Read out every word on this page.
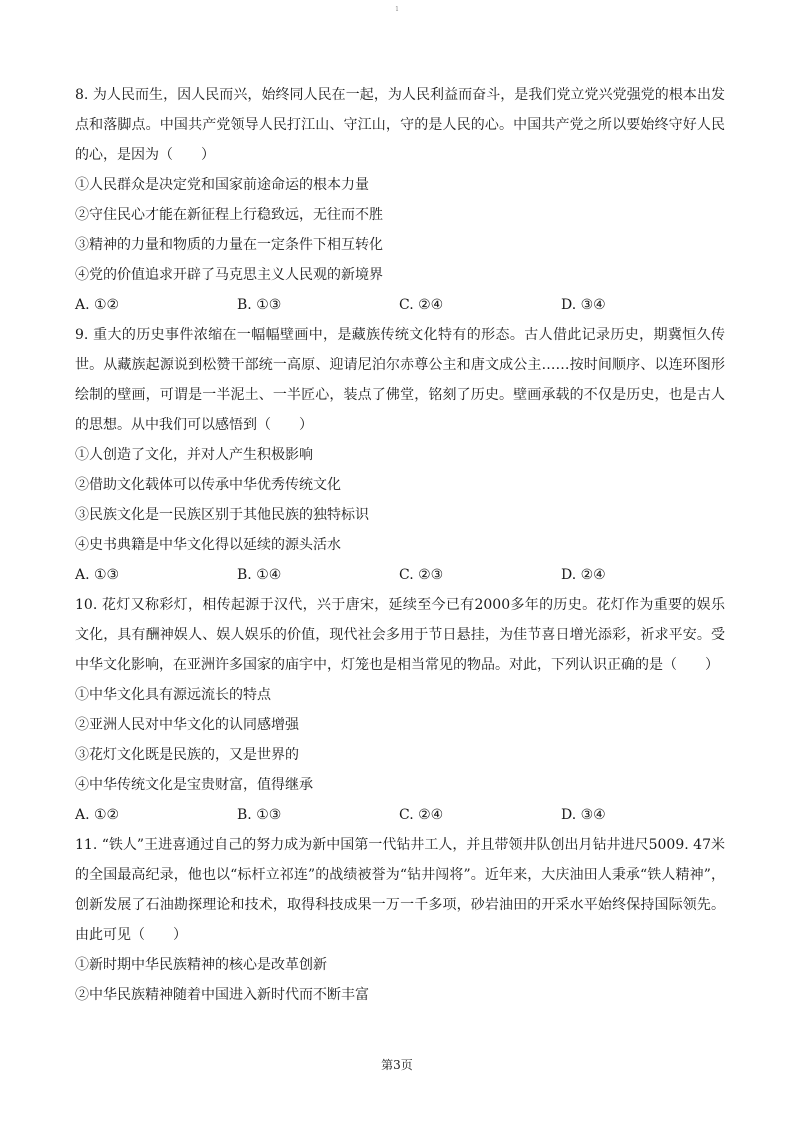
1

8. 为人民而生，因人民而兴，始终同人民在一起，为人民利益而奋斗，是我们党立党兴党强党的根本出发点和落脚点。中国共产党领导人民打江山、守江山，守的是人民的心。中国共产党之所以要始终守好人民的心，是因为（　　）

①人民群众是决定党和国家前途命运的根本力量

②守住民心才能在新征程上行稳致远，无往而不胜

③精神的力量和物质的力量在一定条件下相互转化

④党的价值追求开辟了马克思主义人民观的新境界

A. ①②	B. ①③	C. ②④	D. ③④

9. 重大的历史事件浓缩在一幅幅壁画中，是藏族传统文化特有的形态。古人借此记录历史，期冀恒久传世。从藏族起源说到松赞干部统一高原、迎请尼泊尔赤尊公主和唐文成公主……按时间顺序、以连环图形绘制的壁画，可谓是一半泥土、一半匠心，装点了佛堂，铭刻了历史。壁画承载的不仅是历史，也是古人的思想。从中我们可以感悟到（　　）

①人创造了文化，并对人产生积极影响

②借助文化载体可以传承中华优秀传统文化

③民族文化是一民族区别于其他民族的独特标识

④史书典籍是中华文化得以延续的源头活水

A. ①③	B. ①④	C. ②③	D. ②④

10. 花灯又称彩灯，相传起源于汉代，兴于唐宋，延续至今已有2000多年的历史。花灯作为重要的娱乐文化，具有酬神娱人、娱人娱乐的价值，现代社会多用于节日悬挂，为佳节喜日增光添彩，祈求平安。受中华文化影响，在亚洲许多国家的庙宇中，灯笼也是相当常见的物品。对此，下列认识正确的是（　　）

①中华文化具有源远流长的特点

②亚洲人民对中华文化的认同感增强

③花灯文化既是民族的，又是世界的

④中华传统文化是宝贵财富，值得继承

A. ①②	B. ①③	C. ②④	D. ③④

11. “铁人”王进喜通过自己的努力成为新中国第一代钻井工人，并且带领井队创出月钻井进尺5009. 47米的全国最高纪录，他也以“标杆立祁连”的战绩被誉为“钻井闯将”。近年来，大庆油田人秉承“铁人精神”，创新发展了石油勘探理论和技术，取得科技成果一万一千多项，砂岩油田的开采水平始终保持国际领先。由此可见（　　）

①新时期中华民族精神的核心是改革创新

②中华民族精神随着中国进入新时代而不断丰富

第3页
